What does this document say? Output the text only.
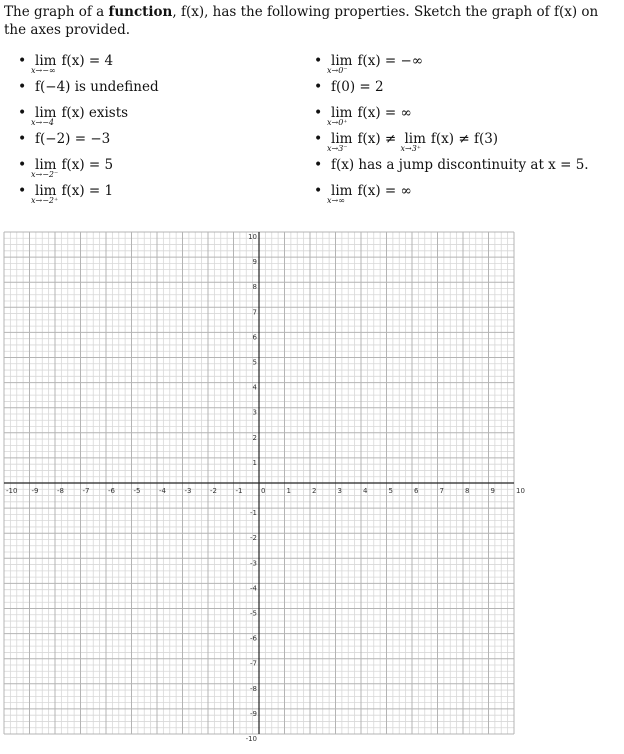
The graph of a function, f(x), has the following properties. Sketch the graph of f(x) on the axes provided.
• lim
x→−∞
f(x) = 4
• f(−4) is undefined
• lim
x→−4
f(x) exists
• f(−2) = −3
• lim
x→−2⁻
f(x) = 5
• lim
x→−2⁺
f(x) = 1
• lim
x→0⁻
f(x) = −∞
• f(0) = 2
• lim
x→0⁺
f(x) = ∞
• lim
x→3⁻
f(x) ≠ lim
x→3⁺
f(x) ≠ f(3)
• f(x) has a jump discontinuity at x = 5.
• lim
x→∞
f(x) = ∞
-10 -9	-8	-7	-6	-5	-4	-3	-2	-1	0	1	2	3	4	5	6	7	8	9	10
-10
-9
-8
-7
-6
-5
-4
-3
-2
-1
1
2
3
4
5
6
7
8
9
10
